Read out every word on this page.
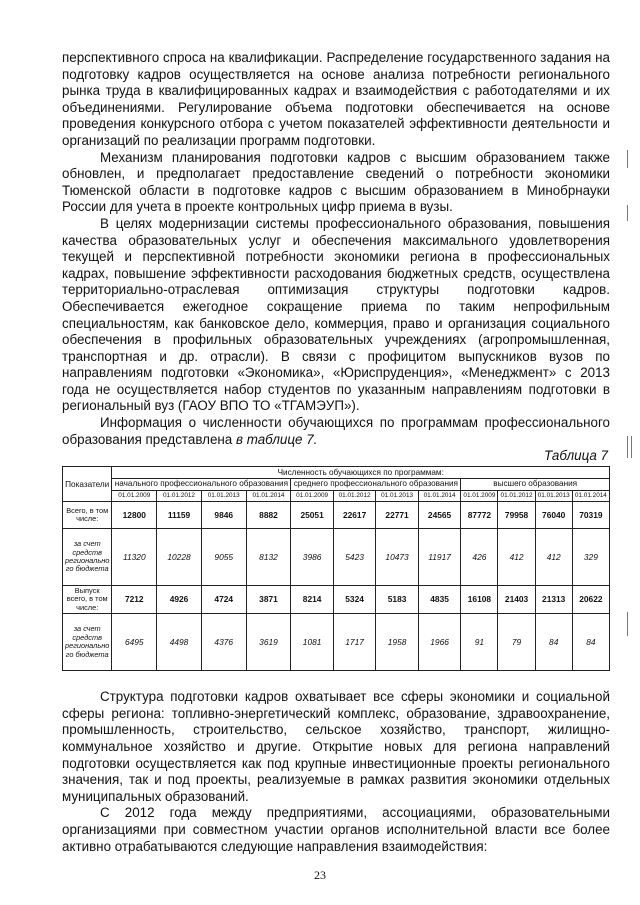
перспективного спроса на квалификации. Распределение государственного задания на подготовку кадров осуществляется на основе анализа потребности регионального рынка труда в квалифицированных кадрах и взаимодействия с работодателями и их объединениями. Регулирование объема подготовки обеспечивается на основе проведения конкурсного отбора с учетом показателей эффективности деятельности и организаций по реализации программ подготовки.

Механизм планирования подготовки кадров с высшим образованием также обновлен, и предполагает предоставление сведений о потребности экономики Тюменской области в подготовке кадров с высшим образованием в Минобрнауки России для учета в проекте контрольных цифр приема в вузы.

В целях модернизации системы профессионального образования, повышения качества образовательных услуг и обеспечения максимального удовлетворения текущей и перспективной потребности экономики региона в профессиональных кадрах, повышение эффективности расходования бюджетных средств, осуществлена территориально-отраслевая оптимизация структуры подготовки кадров. Обеспечивается ежегодное сокращение приема по таким непрофильным специальностям, как банковское дело, коммерция, право и организация социального обеспечения в профильных образовательных учреждениях (агропромышленная, транспортная и др. отрасли). В связи с профицитом выпускников вузов по направлениям подготовки «Экономика», «Юриспруденция», «Менеджмент» с 2013 года не осуществляется набор студентов по указанным направлениям подготовки в региональный вуз (ГАОУ ВПО ТО «ТГАМЭУП»).

Информация о численности обучающихся по программам профессионального образования представлена в таблице 7.

Таблица 7
Показатели	Численность обучающихся по программам:											
	начального профессионального образования				среднего профессионального образования				высшего образования			
	01.01.2009	01.01.2012	01.01.2013	01.01.2014	01.01.2009	01.01.2012	01.01.2013	01.01.2014	01.01.2009	01.01.2012	01.01.2013	01.01.2014
Всего, в том числе:	12800	11159	9846	8882	25051	22617	22771	24565	87772	79958	76040	70319
за счет средств регионально го бюджета	11320	10228	9055	8132	3986	5423	10473	11917	426	412	412	329
Выпуск всего, в том числе:	7212	4926	4724	3871	8214	5324	5183	4835	16108	21403	21313	20622
за счет средств регионально го бюджета	6495	4498	4376	3619	1081	1717	1958	1966	91	79	84	84

Структура подготовки кадров охватывает все сферы экономики и социальной сферы региона: топливно-энергетический комплекс, образование, здравоохранение, промышленность, строительство, сельское хозяйство, транспорт, жилищно-коммунальное хозяйство и другие. Открытие новых для региона направлений подготовки осуществляется как под крупные инвестиционные проекты регионального значения, так и под проекты, реализуемые в рамках развития экономики отдельных муниципальных образований.

С 2012 года между предприятиями, ассоциациями, образовательными организациями при совместном участии органов исполнительной власти все более активно отрабатываются следующие направления взаимодействия:

23
